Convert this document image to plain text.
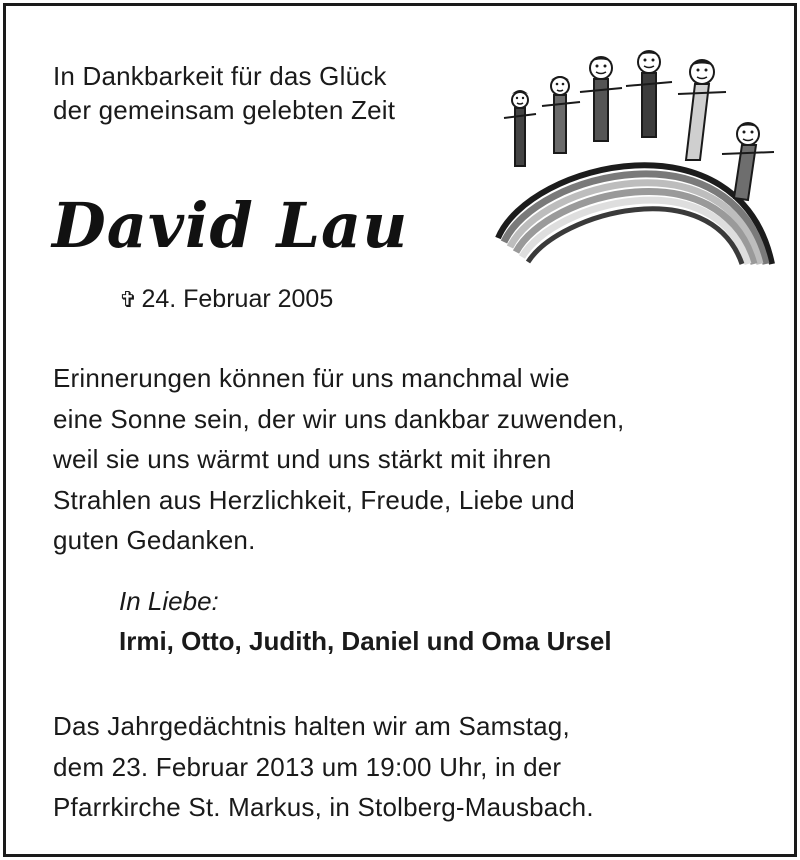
In Dankbarkeit für das Glück
der gemeinsam gelebten Zeit
David Lau
✞ 24. Februar 2005
Erinnerungen können für uns manchmal wie
eine Sonne sein, der wir uns dankbar zuwenden,
weil sie uns wärmt und uns stärkt mit ihren
Strahlen aus Herzlichkeit, Freude, Liebe und
guten Gedanken.
In Liebe:
Irmi, Otto, Judith, Daniel und Oma Ursel
Das Jahrgedächtnis halten wir am Samstag,
dem 23. Februar 2013 um 19:00 Uhr, in der
Pfarrkirche St. Markus, in Stolberg-Mausbach.
